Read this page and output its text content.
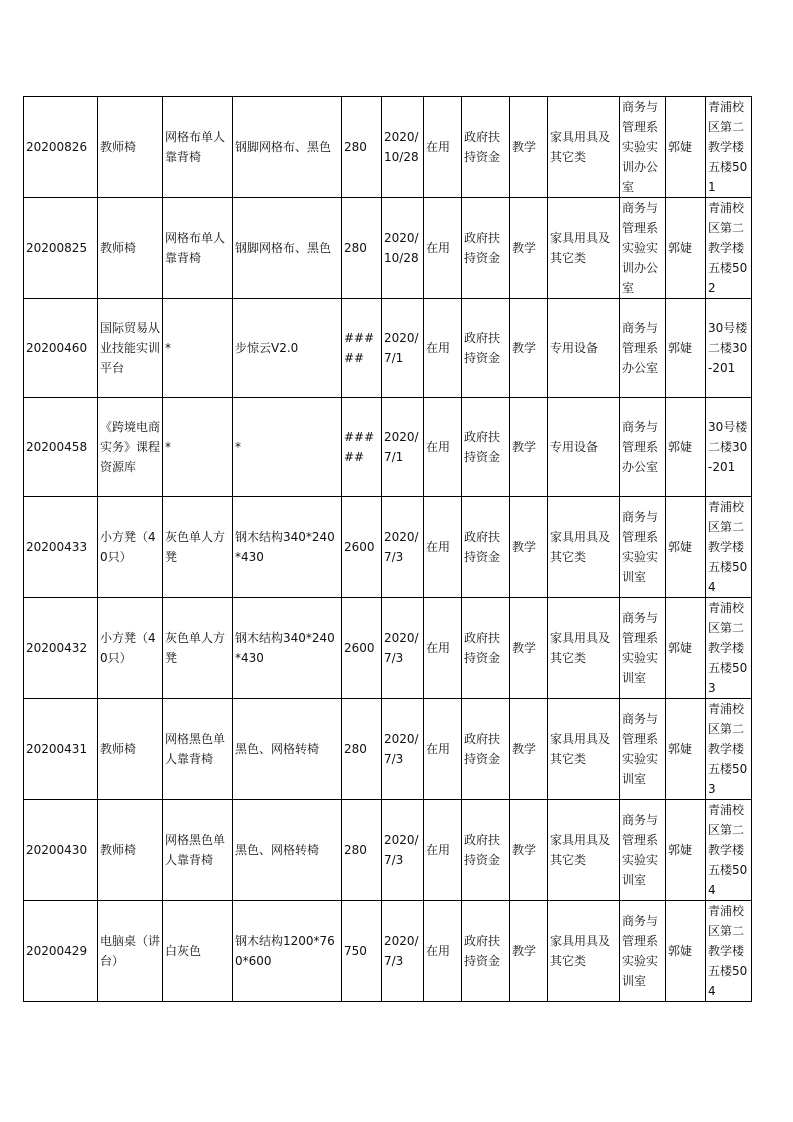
20200826	教师椅	网格布单人靠背椅	钢脚网格布、黑色	280	2020/10/28	在用	政府扶持资金	教学	家具用具及其它类	商务与管理系实验实训办公室	郭婕	青浦校区第二教学楼五楼501
20200825	教师椅	网格布单人靠背椅	钢脚网格布、黑色	280	2020/10/28	在用	政府扶持资金	教学	家具用具及其它类	商务与管理系实验实训办公室	郭婕	青浦校区第二教学楼五楼502
20200460	国际贸易从业技能实训平台	*	步惊云V2.0	#####	2020/7/1	在用	政府扶持资金	教学	专用设备	商务与管理系办公室	郭婕	30号楼二楼30-201
20200458	《跨境电商实务》课程资源库	*	*	#####	2020/7/1	在用	政府扶持资金	教学	专用设备	商务与管理系办公室	郭婕	30号楼二楼30-201
20200433	小方凳（40只）	灰色单人方凳	钢木结构340*240*430	2600	2020/7/3	在用	政府扶持资金	教学	家具用具及其它类	商务与管理系实验实训室	郭婕	青浦校区第二教学楼五楼504
20200432	小方凳（40只）	灰色单人方凳	钢木结构340*240*430	2600	2020/7/3	在用	政府扶持资金	教学	家具用具及其它类	商务与管理系实验实训室	郭婕	青浦校区第二教学楼五楼503
20200431	教师椅	网格黑色单人靠背椅	黑色、网格转椅	280	2020/7/3	在用	政府扶持资金	教学	家具用具及其它类	商务与管理系实验实训室	郭婕	青浦校区第二教学楼五楼503
20200430	教师椅	网格黑色单人靠背椅	黑色、网格转椅	280	2020/7/3	在用	政府扶持资金	教学	家具用具及其它类	商务与管理系实验实训室	郭婕	青浦校区第二教学楼五楼504
20200429	电脑桌（讲台）	白灰色	钢木结构1200*760*600	750	2020/7/3	在用	政府扶持资金	教学	家具用具及其它类	商务与管理系实验实训室	郭婕	青浦校区第二教学楼五楼504
